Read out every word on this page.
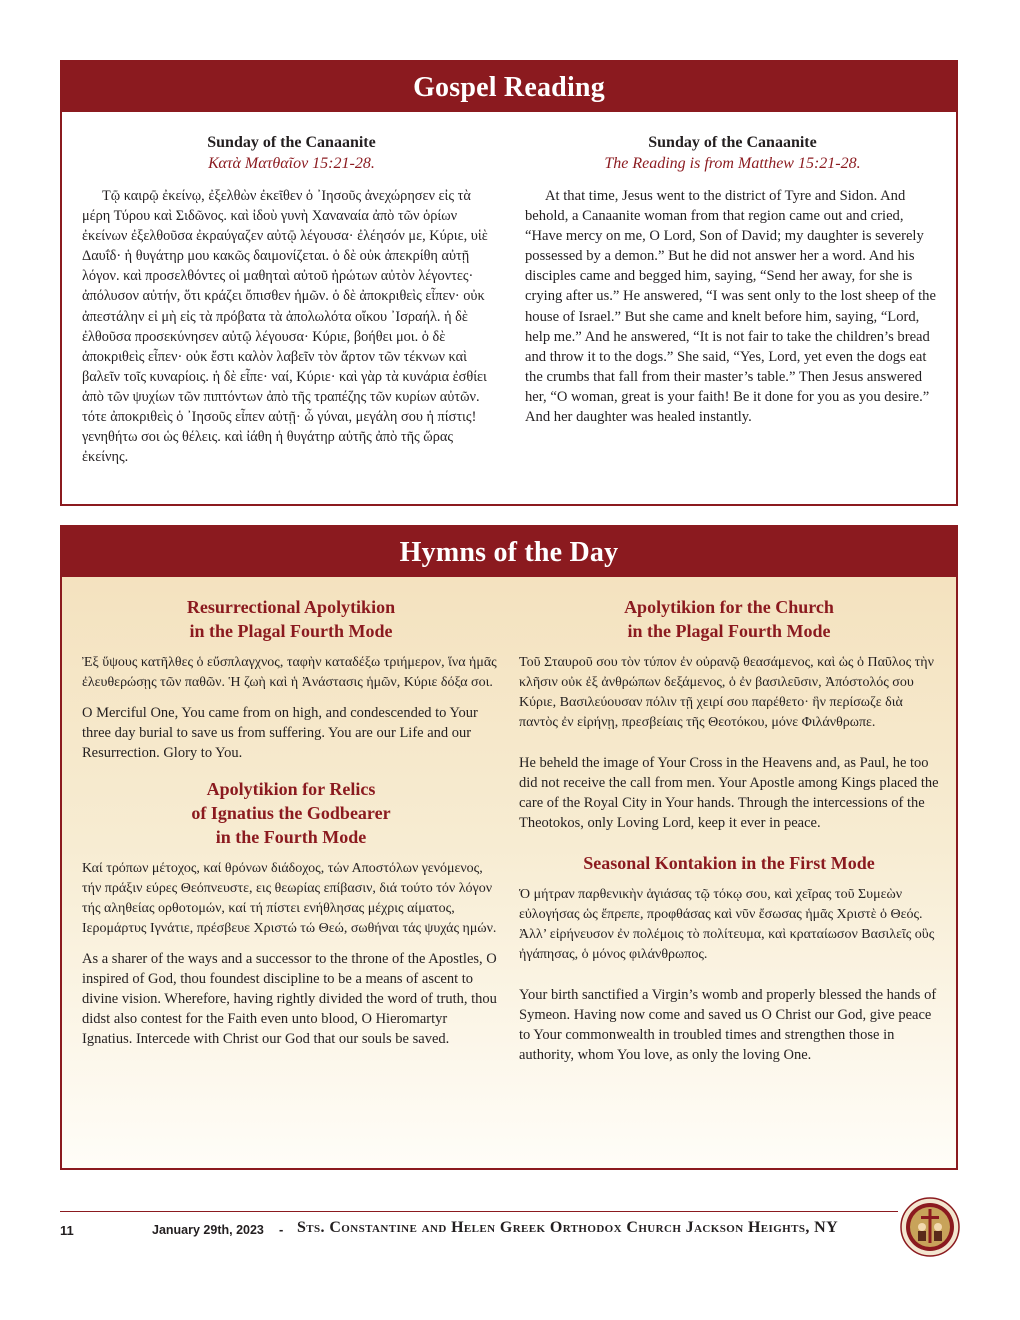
Gospel Reading
Sunday of the Canaanite
Κατὰ Ματθαῖον 15:21-28.

Τῷ καιρῷ ἐκείνῳ, ἐξελθὼν ἐκεῖθεν ὁ ᾿Ιησοῦς ἀνεχώρησεν εἰς τὰ μέρη Τύρου καὶ Σιδῶνος. καὶ ἰδοὺ γυνὴ Χαναναία ἀπὸ τῶν ὁρίων ἐκείνων ἐξελθοῦσα ἐκραύγαζεν αὐτῷ λέγουσα· ἐλέησόν με, Κύριε, υἱὲ Δαυΐδ· ἡ θυγάτηρ μου κακῶς δαιμονίζεται. ὁ δὲ οὐκ ἀπεκρίθη αὐτῇ λόγον. καὶ προσελθόντες οἱ μαθηταὶ αὐτοῦ ἠρώτων αὐτὸν λέγοντες· ἀπόλυσον αὐτήν, ὅτι κράζει ὄπισθεν ἡμῶν. ὁ δὲ ἀποκριθεὶς εἶπεν· οὐκ ἀπεστάλην εἰ μὴ εἰς τὰ πρόβατα τὰ ἀπολωλότα οἴκου ᾿Ισραήλ. ἡ δὲ ἐλθοῦσα προσεκύνησεν αὐτῷ λέγουσα· Κύριε, βοήθει μοι. ὁ δὲ ἀποκριθεὶς εἶπεν· οὐκ ἔστι καλὸν λαβεῖν τὸν ἄρτον τῶν τέκνων καὶ βαλεῖν τοῖς κυναρίοις. ἡ δὲ εἶπε· ναί, Κύριε· καὶ γὰρ τὰ κυνάρια ἐσθίει ἀπὸ τῶν ψυχίων τῶν πιπτόντων ἀπὸ τῆς τραπέζης τῶν κυρίων αὐτῶν. τότε ἀποκριθεὶς ὁ ᾿Ιησοῦς εἶπεν αὐτῇ· ὦ γύναι, μεγάλη σου ἡ πίστις! γενηθήτω σοι ὡς θέλεις. καὶ ἰάθη ἡ θυγάτηρ αὐτῆς ἀπὸ τῆς ὥρας ἐκείνης.

Sunday of the Canaanite
The Reading is from Matthew 15:21-28.

At that time, Jesus went to the district of Tyre and Sidon. And behold, a Canaanite woman from that region came out and cried, “Have mercy on me, O Lord, Son of David; my daughter is severely possessed by a demon.” But he did not answer her a word. And his disciples came and begged him, saying, “Send her away, for she is crying after us.” He answered, “I was sent only to the lost sheep of the house of Israel.” But she came and knelt before him, saying, “Lord, help me.” And he answered, “It is not fair to take the children’s bread and throw it to the dogs.” She said, “Yes, Lord, yet even the dogs eat the crumbs that fall from their master’s table.” Then Jesus answered her, “O woman, great is your faith! Be it done for you as you desire.” And her daughter was healed instantly.

Hymns of the Day
Resurrectional Apolytikion
in the Plagal Fourth Mode

Ἐξ ὕψους κατῆλθες ὁ εὔσπλαγχνος, ταφὴν καταδέξω τριήμερον, ἵνα ἡμᾶς ἐλευθερώσῃς τῶν παθῶν. Ἡ ζωὴ καὶ ἡ Ἀνάστασις ἡμῶν, Κύριε δόξα σοι.

O Merciful One, You came from on high, and condescended to Your three day burial to save us from suffering. You are our Life and our Resurrection. Glory to You.

Apolytikion for Relics
of Ignatius the Godbearer
in the Fourth Mode

Καί τρόπων μέτοχος, καί θρόνων διάδοχος, τών Αποστόλων γενόμενος, τήν πράξιν εύρες Θεόπνευστε, εις θεωρίας επίβασιν, διά τούτο τόν λόγον τής αληθείας ορθοτομών, καί τή πίστει ενήθλησας μέχρις αίματος, Ιερομάρτυς Ιγνάτιε, πρέσβευε Χριστώ τώ Θεώ, σωθήναι τάς ψυχάς ημών.

As a sharer of the ways and a successor to the throne of the Apostles, O inspired of God, thou foundest discipline to be a means of ascent to divine vision. Wherefore, having rightly divided the word of truth, thou didst also contest for the Faith even unto blood, O Hieromartyr Ignatius. Intercede with Christ our God that our souls be saved.

Apolytikion for the Church
in the Plagal Fourth Mode

Τοῦ Σταυροῦ σου τὸν τύπον ἐν οὐρανῷ θεασάμενος, καὶ ὡς ὁ Παῦλος τὴν κλῆσιν οὐκ ἐξ ἀνθρώπων δεξάμενος, ὁ ἐν βασιλεῦσιν, Ἀπόστολός σου Κύριε, Βασιλεύουσαν πόλιν τῇ χειρί σου παρέθετο· ἣν περίσωζε διὰ παντὸς ἐν εἰρήνῃ, πρεσβείαις τῆς Θεοτόκου, μόνε Φιλάνθρωπε.

He beheld the image of Your Cross in the Heavens and, as Paul, he too did not receive the call from men. Your Apostle among Kings placed the care of the Royal City in Your hands. Through the intercessions of the Theotokos, only Loving Lord, keep it ever in peace.

Seasonal Kontakion in the First Mode

Ὁ μήτραν παρθενικὴν ἁγιάσας τῷ τόκῳ σου, καὶ χεῖρας τοῦ Συμεὼν εὐλογήσας ὡς ἔπρεπε, προφθάσας καὶ νῦν ἔσωσας ἡμᾶς Χριστὲ ὁ Θεός. Ἀλλ’ εἰρήνευσον ἐν πολέμοις τὸ πολίτευμα, καὶ κραταίωσον Βασιλεῖς οὓς ἠγάπησας, ὁ μόνος φιλάνθρωπος.

Your birth sanctified a Virgin’s womb and properly blessed the hands of Symeon. Having now come and saved us O Christ our God, give peace to Your commonwealth in troubled times and strengthen those in authority, whom You love, as only the loving One.

11	January 29th, 2023 - Sts. Constantine and Helen Greek Orthodox Church Jackson Heights, NY
